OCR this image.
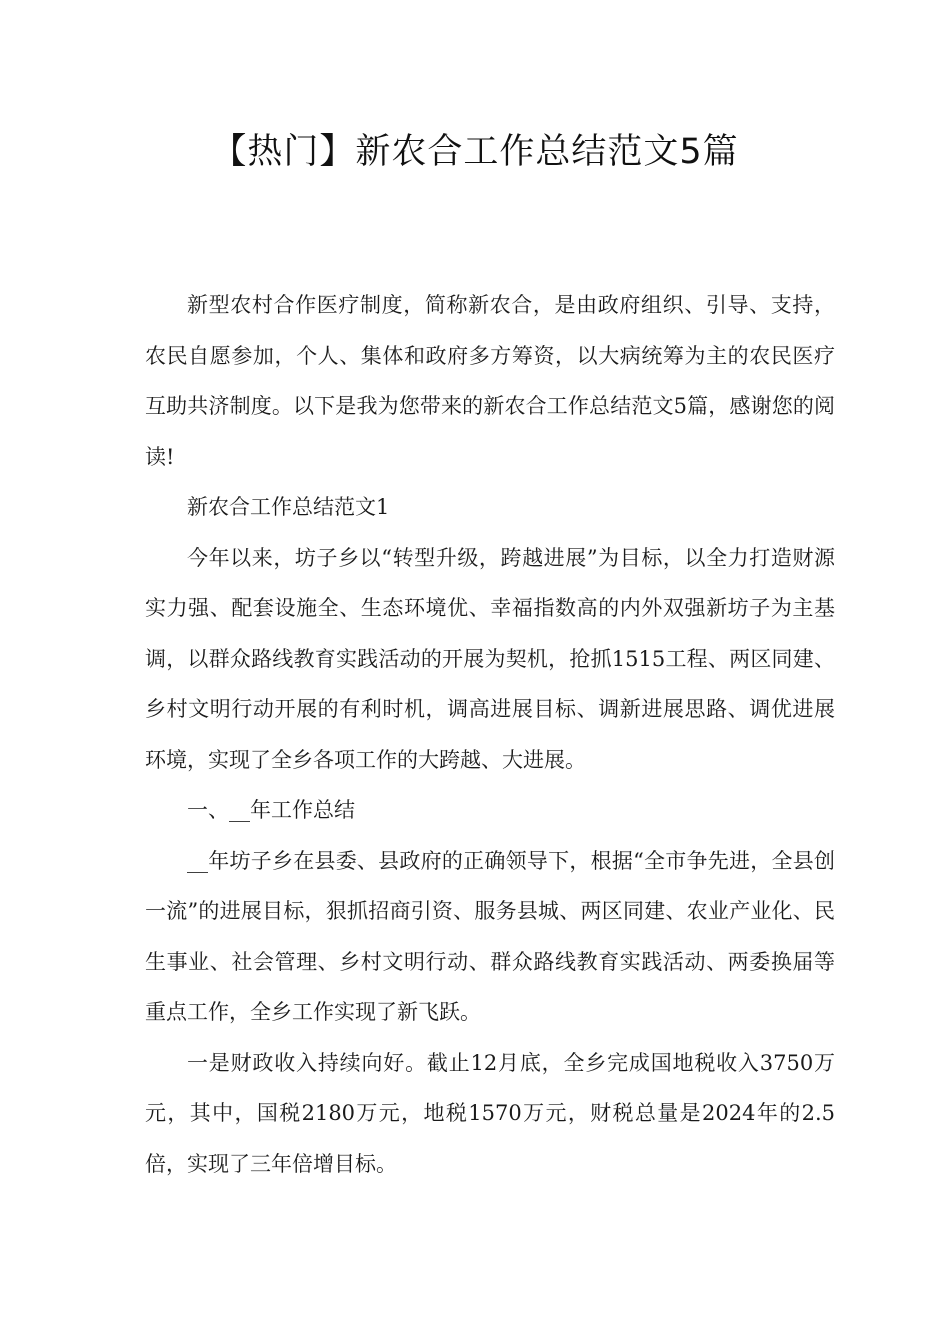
【热门】新农合工作总结范文5篇

新型农村合作医疗制度，简称新农合，是由政府组织、引导、支持，农民自愿参加，个人、集体和政府多方筹资，以大病统筹为主的农民医疗互助共济制度。以下是我为您带来的新农合工作总结范文5篇，感谢您的阅读!

新农合工作总结范文1

今年以来，坊子乡以“转型升级，跨越进展”为目标，以全力打造财源实力强、配套设施全、生态环境优、幸福指数高的内外双强新坊子为主基调，以群众路线教育实践活动的开展为契机，抢抓1515工程、两区同建、乡村文明行动开展的有利时机，调高进展目标、调新进展思路、调优进展环境，实现了全乡各项工作的大跨越、大进展。

一、__年工作总结

__年坊子乡在县委、县政府的正确领导下，根据“全市争先进，全县创一流”的进展目标，狠抓招商引资、服务县城、两区同建、农业产业化、民生事业、社会管理、乡村文明行动、群众路线教育实践活动、两委换届等重点工作，全乡工作实现了新飞跃。

一是财政收入持续向好。截止12月底，全乡完成国地税收入3750万元，其中，国税2180万元，地税1570万元，财税总量是2024年的2.5倍，实现了三年倍增目标。
